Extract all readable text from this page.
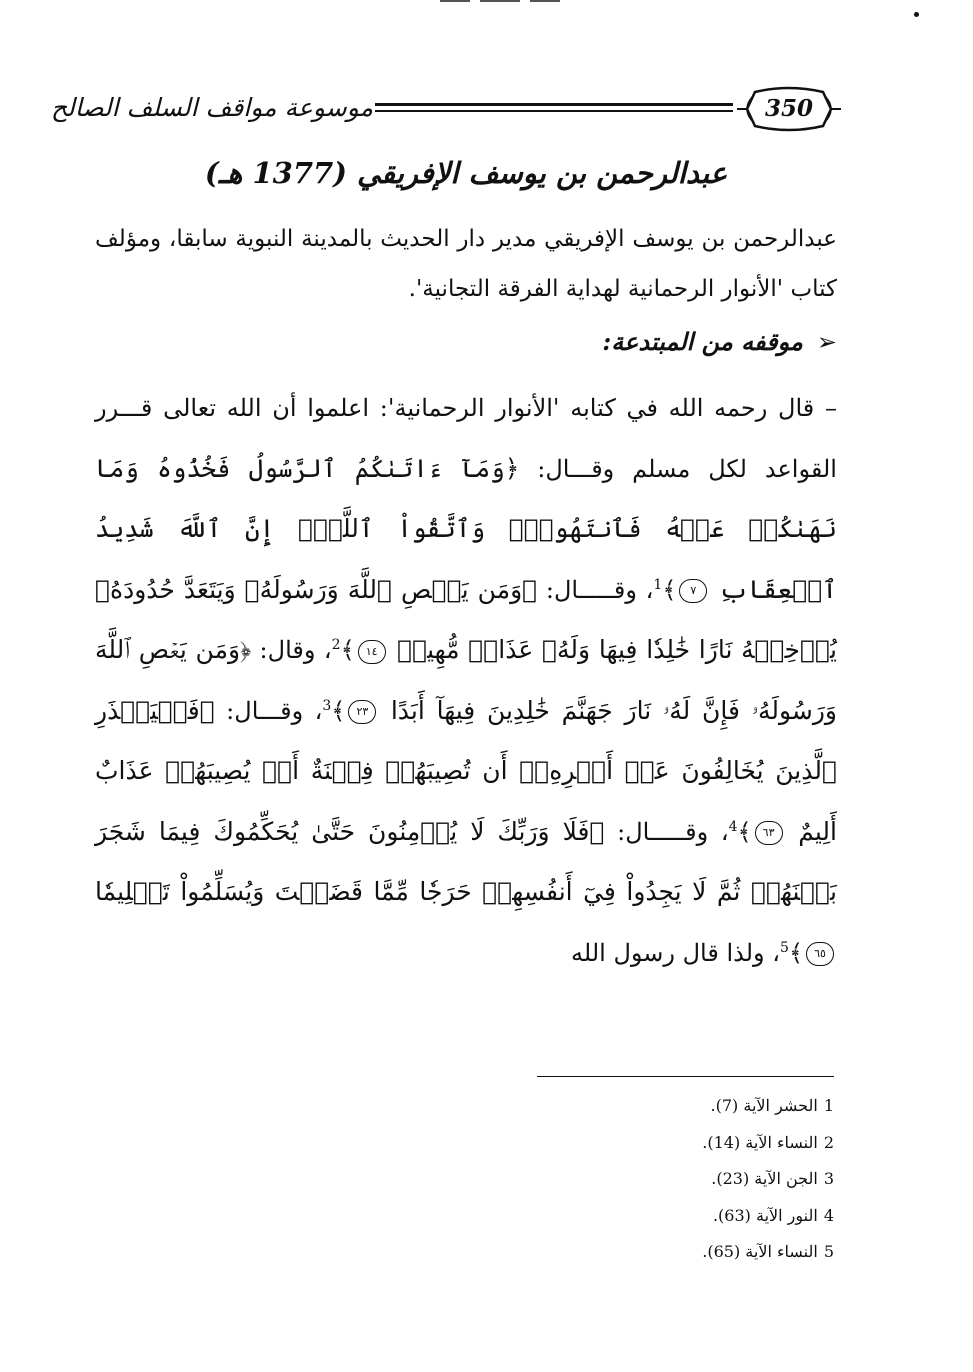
موسوعة مواقف السلف الصالح	350
عبدالرحمن بن يوسف الإفريقي (1377 هـ)
عبدالرحمن بن يوسف الإفريقي مدير دار الحديث بالمدينة النبوية سابقا، ومؤلف كتاب 'الأنوار الرحمانية لهداية الفرقة التجانية'.
➢موقفه من المبتدعة:
– قال رحمه الله في كتابه 'الأنوار الرحمانية': اعلموا أن الله تعالى قـــرر القواعد لكل مسلم وقـــال: ﴿وَمَآ ءَاتَىٰكُمُ ٱلرَّسُولُ فَخُذُوهُ وَمَا نَهَىٰكُمۡ عَنۡهُ فَٱنتَهُواْۚ وَٱتَّقُواْ ٱللَّهَۖ إِنَّ ٱللَّهَ شَدِيدُ ٱلۡعِقَابِ ٧﴾$^1$، وقـــــال: ﴿وَمَن يَعۡصِ ٱللَّهَ وَرَسُولَهُۥ وَيَتَعَدَّ حُدُودَهُۥ يُدۡخِلۡهُ نَارًا خَٰلِدٗا فِيهَا وَلَهُۥ عَذَابٞ مُّهِينٞ ١٤﴾$^2$، وقال: ﴿وَمَن يَعۡصِ ٱللَّهَ وَرَسُولَهُۥ فَإِنَّ لَهُۥ نَارَ جَهَنَّمَ خَٰلِدِينَ فِيهَآ أَبَدًا ٢٣﴾$^3$، وقـــال: ﴿فَلۡيَحۡذَرِ ٱلَّذِينَ يُخَالِفُونَ عَنۡ أَمۡرِهِۦٓ أَن تُصِيبَهُمۡ فِتۡنَةٌ أَوۡ يُصِيبَهُمۡ عَذَابٌ أَلِيمٌ ٦٣﴾$^4$، وقـــــال: ﴿فَلَا وَرَبِّكَ لَا يُؤۡمِنُونَ حَتَّىٰ يُحَكِّمُوكَ فِيمَا شَجَرَ بَيۡنَهُمۡ ثُمَّ لَا يَجِدُواْ فِيٓ أَنفُسِهِمۡ حَرَجٗا مِّمَّا قَضَيۡتَ وَيُسَلِّمُواْ تَسۡلِيمٗا ٦٥﴾$^5$، ولذا قال رسول الله
1الحشر الآية (7).
2النساء الآية (14).
3الجن الآية (23).
4النور الآية (63).
5النساء الآية (65).
